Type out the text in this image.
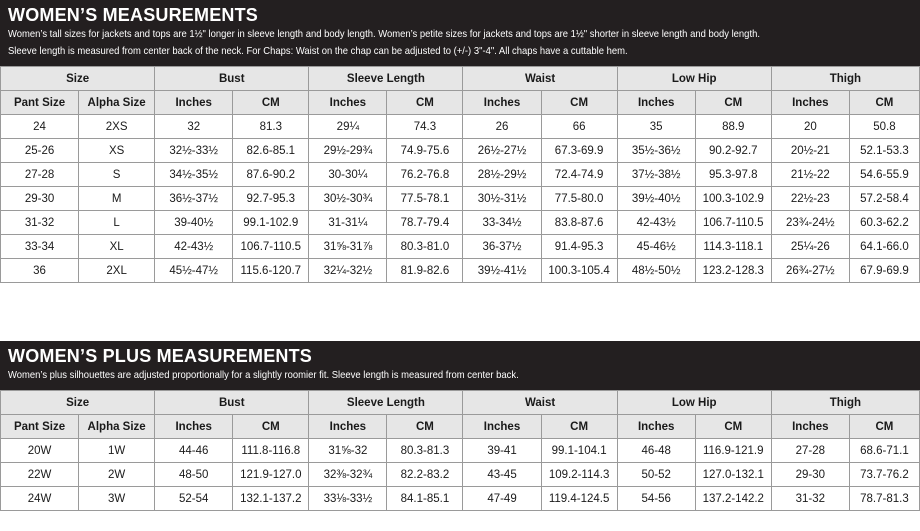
WOMEN’S MEASUREMENTS
Women’s tall sizes for jackets and tops are 1½" longer in sleeve length and body length. Women’s petite sizes for jackets and tops are 1½" shorter in sleeve length and body length.
Sleeve length is measured from center back of the neck. For Chaps: Waist on the chap can be adjusted to (+/-) 3"-4". All chaps have a cuttable hem.
Size		Bust		Sleeve Length		Waist		Low Hip		Thigh	
Pant Size	Alpha Size	Inches	CM	Inches	CM	Inches	CM	Inches	CM	Inches	CM
24	2XS	32	81.3	29¼	74.3	26	66	35	88.9	20	50.8
25-26	XS	32½-33½	82.6-85.1	29½-29¾	74.9-75.6	26½-27½	67.3-69.9	35½-36½	90.2-92.7	20½-21	52.1-53.3
27-28	S	34½-35½	87.6-90.2	30-30¼	76.2-76.8	28½-29½	72.4-74.9	37½-38½	95.3-97.8	21½-22	54.6-55.9
29-30	M	36½-37½	92.7-95.3	30½-30¾	77.5-78.1	30½-31½	77.5-80.0	39½-40½	100.3-102.9	22½-23	57.2-58.4
31-32	L	39-40½	99.1-102.9	31-31¼	78.7-79.4	33-34½	83.8-87.6	42-43½	106.7-110.5	23¾-24½	60.3-62.2
33-34	XL	42-43½	106.7-110.5	31⅝-31⅞	80.3-81.0	36-37½	91.4-95.3	45-46½	114.3-118.1	25¼-26	64.1-66.0
36	2XL	45½-47½	115.6-120.7	32¼-32½	81.9-82.6	39½-41½	100.3-105.4	48½-50½	123.2-128.3	26¾-27½	67.9-69.9
WOMEN’S PLUS MEASUREMENTS
Women’s plus silhouettes are adjusted proportionally for a slightly roomier fit. Sleeve length is measured from center back.
Size		Bust		Sleeve Length		Waist		Low Hip		Thigh	
Pant Size	Alpha Size	Inches	CM	Inches	CM	Inches	CM	Inches	CM	Inches	CM
20W	1W	44-46	111.8-116.8	31⅝-32	80.3-81.3	39-41	99.1-104.1	46-48	116.9-121.9	27-28	68.6-71.1
22W	2W	48-50	121.9-127.0	32⅜-32¾	82.2-83.2	43-45	109.2-114.3	50-52	127.0-132.1	29-30	73.7-76.2
24W	3W	52-54	132.1-137.2	33⅛-33½	84.1-85.1	47-49	119.4-124.5	54-56	137.2-142.2	31-32	78.7-81.3
